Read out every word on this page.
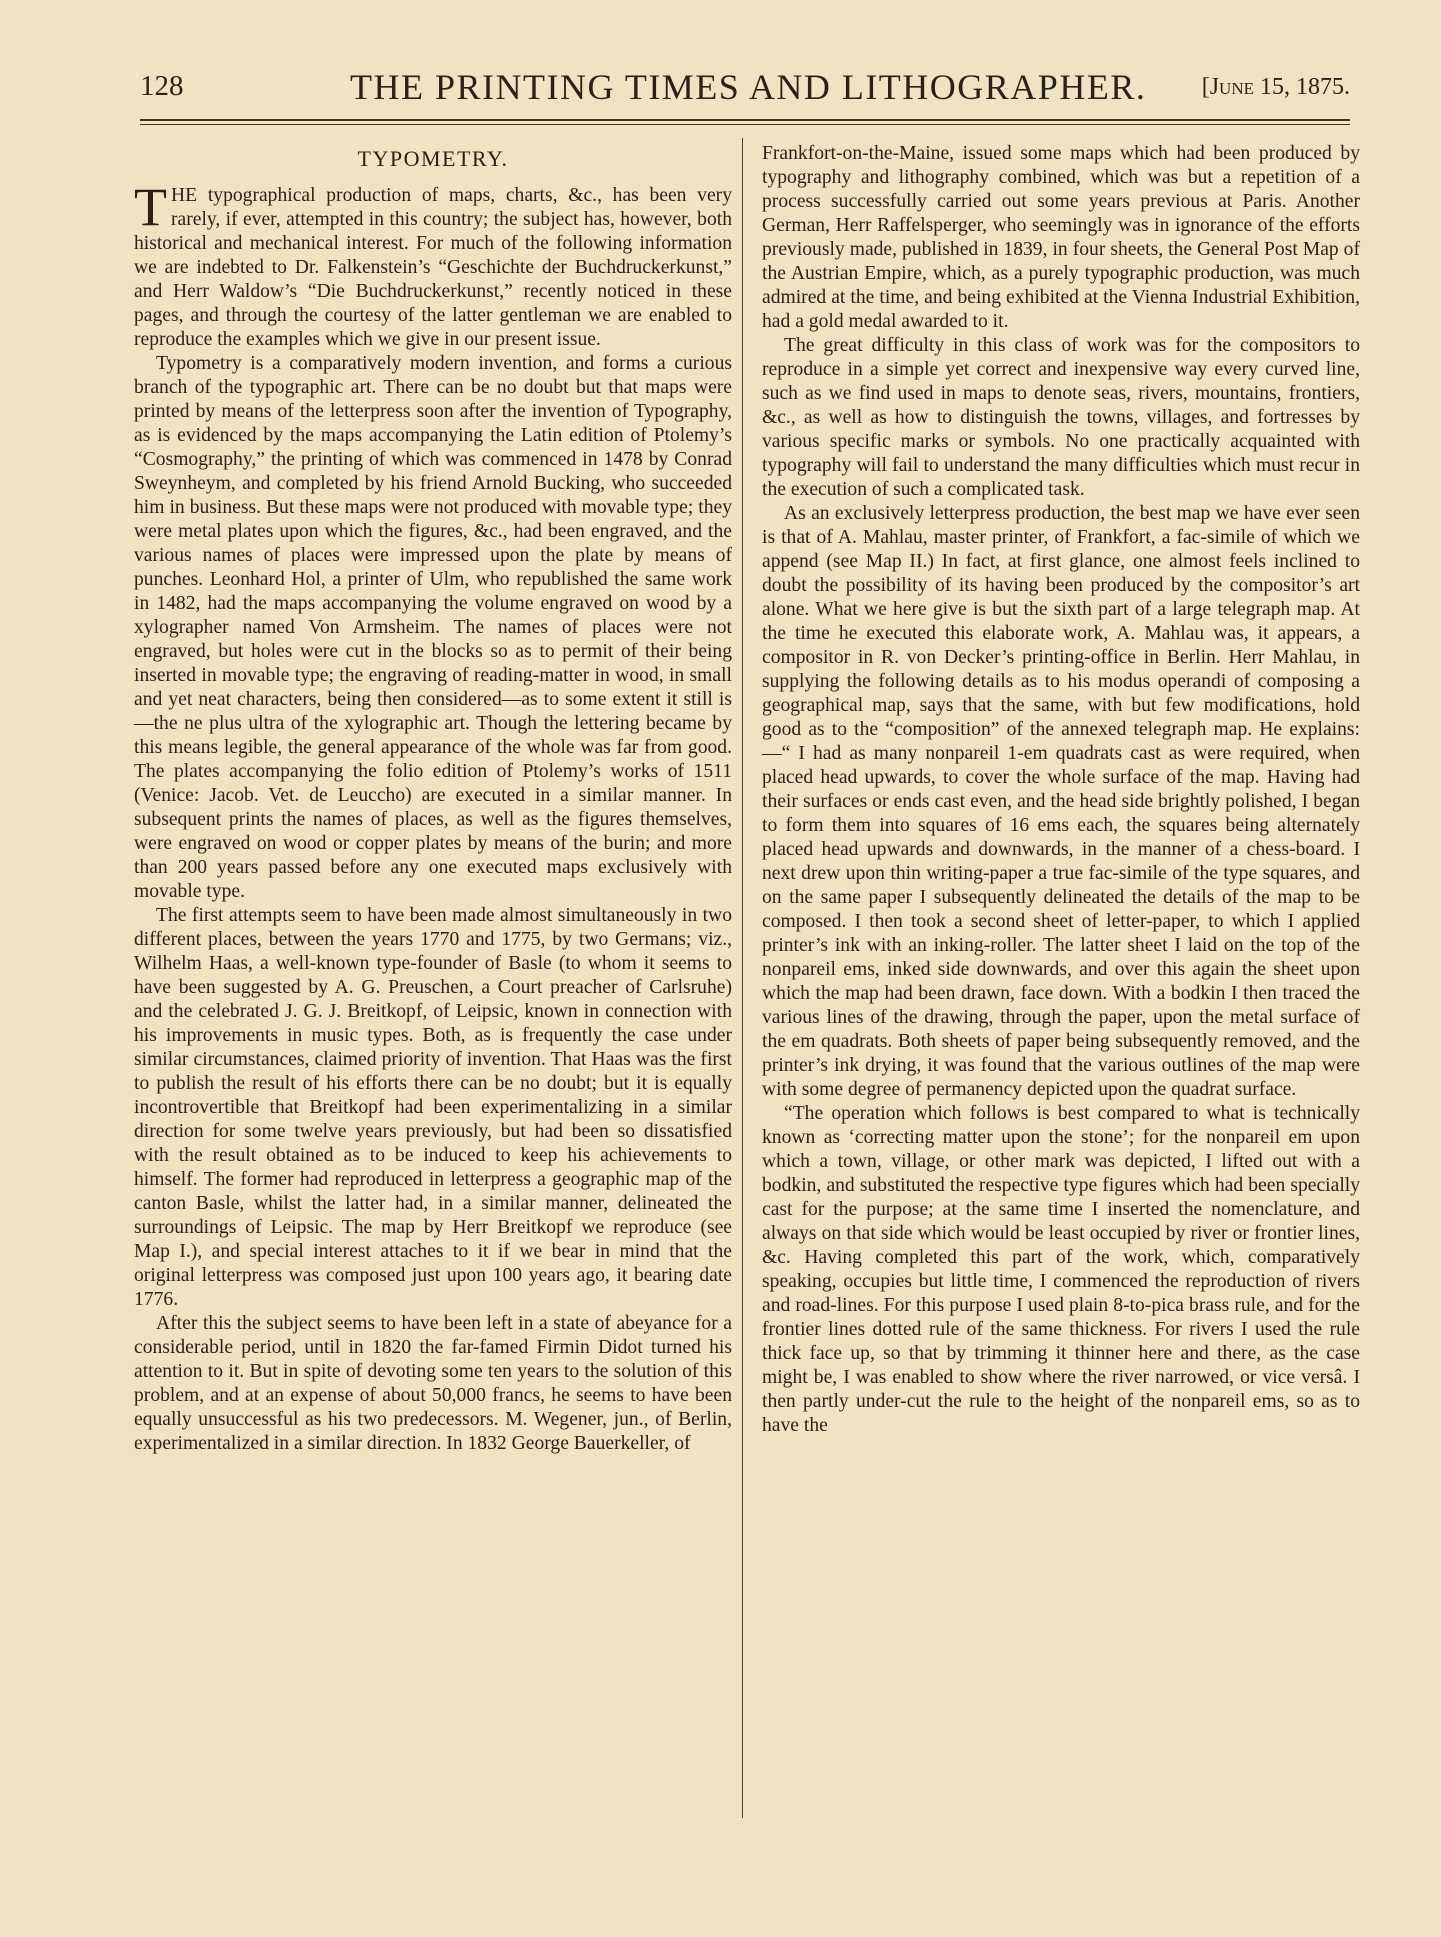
128	THE PRINTING TIMES AND LITHOGRAPHER. [June 15, 1875.
TYPOMETRY.

THE typographical production of maps, charts, &c., has been very rarely, if ever, attempted in this country; the subject has, however, both historical and mechanical interest. For much of the following information we are indebted to Dr. Falkenstein’s “Geschichte der Buchdruckerkunst,” and Herr Waldow’s “Die Buchdruckerkunst,” recently noticed in these pages, and through the courtesy of the latter gentleman we are enabled to reproduce the examples which we give in our present issue.

Typometry is a comparatively modern invention, and forms a curious branch of the typographic art. There can be no doubt but that maps were printed by means of the letterpress soon after the invention of Typography, as is evidenced by the maps accompanying the Latin edition of Ptolemy’s “Cosmography,” the printing of which was commenced in 1478 by Conrad Sweynheym, and completed by his friend Arnold Bucking, who succeeded him in business. But these maps were not produced with movable type; they were metal plates upon which the figures, &c., had been engraved, and the various names of places were impressed upon the plate by means of punches. Leonhard Hol, a printer of Ulm, who republished the same work in 1482, had the maps accompanying the volume engraved on wood by a xylographer named Von Armsheim. The names of places were not engraved, but holes were cut in the blocks so as to permit of their being inserted in movable type; the engraving of reading-matter in wood, in small and yet neat characters, being then considered—as to some extent it still is—the ne plus ultra of the xylographic art. Though the lettering became by this means legible, the general appearance of the whole was far from good. The plates accompanying the folio edition of Ptolemy’s works of 1511 (Venice: Jacob. Vet. de Leuccho) are executed in a similar manner. In subsequent prints the names of places, as well as the figures themselves, were engraved on wood or copper plates by means of the burin; and more than 200 years passed before any one executed maps exclusively with movable type.

The first attempts seem to have been made almost simultaneously in two different places, between the years 1770 and 1775, by two Germans; viz., Wilhelm Haas, a well-known type-founder of Basle (to whom it seems to have been suggested by A. G. Preuschen, a Court preacher of Carlsruhe) and the celebrated J. G. J. Breitkopf, of Leipsic, known in connection with his improvements in music types. Both, as is frequently the case under similar circumstances, claimed priority of invention. That Haas was the first to publish the result of his efforts there can be no doubt; but it is equally incontrovertible that Breitkopf had been experimentalizing in a similar direction for some twelve years previously, but had been so dissatisfied with the result obtained as to be induced to keep his achievements to himself. The former had reproduced in letterpress a geographic map of the canton Basle, whilst the latter had, in a similar manner, delineated the surroundings of Leipsic. The map by Herr Breitkopf we reproduce (see Map I.), and special interest attaches to it if we bear in mind that the original letterpress was composed just upon 100 years ago, it bearing date 1776.

After this the subject seems to have been left in a state of abeyance for a considerable period, until in 1820 the far-famed Firmin Didot turned his attention to it. But in spite of devoting some ten years to the solution of this problem, and at an expense of about 50,000 francs, he seems to have been equally unsuccessful as his two predecessors. M. Wegener, jun., of Berlin, experimentalized in a similar direction. In 1832 George Bauerkeller, of

Frankfort-on-the-Maine, issued some maps which had been produced by typography and lithography combined, which was but a repetition of a process successfully carried out some years previous at Paris. Another German, Herr Raffelsperger, who seemingly was in ignorance of the efforts previously made, published in 1839, in four sheets, the General Post Map of the Austrian Empire, which, as a purely typographic production, was much admired at the time, and being exhibited at the Vienna Industrial Exhibition, had a gold medal awarded to it.

The great difficulty in this class of work was for the compositors to reproduce in a simple yet correct and inexpensive way every curved line, such as we find used in maps to denote seas, rivers, mountains, frontiers, &c., as well as how to distinguish the towns, villages, and fortresses by various specific marks or symbols. No one practically acquainted with typography will fail to understand the many difficulties which must recur in the execution of such a complicated task.

As an exclusively letterpress production, the best map we have ever seen is that of A. Mahlau, master printer, of Frankfort, a fac-simile of which we append (see Map II.) In fact, at first glance, one almost feels inclined to doubt the possibility of its having been produced by the compositor’s art alone. What we here give is but the sixth part of a large telegraph map. At the time he executed this elaborate work, A. Mahlau was, it appears, a compositor in R. von Decker’s printing-office in Berlin. Herr Mahlau, in supplying the following details as to his modus operandi of composing a geographical map, says that the same, with but few modifications, hold good as to the “composition” of the annexed telegraph map. He explains:—“ I had as many nonpareil 1-em quadrats cast as were required, when placed head upwards, to cover the whole surface of the map. Having had their surfaces or ends cast even, and the head side brightly polished, I began to form them into squares of 16 ems each, the squares being alternately placed head upwards and downwards, in the manner of a chess-board. I next drew upon thin writing-paper a true fac-simile of the type squares, and on the same paper I subsequently delineated the details of the map to be composed. I then took a second sheet of letter-paper, to which I applied printer’s ink with an inking-roller. The latter sheet I laid on the top of the nonpareil ems, inked side downwards, and over this again the sheet upon which the map had been drawn, face down. With a bodkin I then traced the various lines of the drawing, through the paper, upon the metal surface of the em quadrats. Both sheets of paper being subsequently removed, and the printer’s ink drying, it was found that the various outlines of the map were with some degree of permanency depicted upon the quadrat surface.

“The operation which follows is best compared to what is technically known as ‘correcting matter upon the stone’; for the nonpareil em upon which a town, village, or other mark was depicted, I lifted out with a bodkin, and substituted the respective type figures which had been specially cast for the purpose; at the same time I inserted the nomenclature, and always on that side which would be least occupied by river or frontier lines, &c. Having completed this part of the work, which, comparatively speaking, occupies but little time, I commenced the reproduction of rivers and road-lines. For this purpose I used plain 8-to-pica brass rule, and for the frontier lines dotted rule of the same thickness. For rivers I used the rule thick face up, so that by trimming it thinner here and there, as the case might be, I was enabled to show where the river narrowed, or vice versâ. I then partly under-cut the rule to the height of the nonpareil ems, so as to have the
